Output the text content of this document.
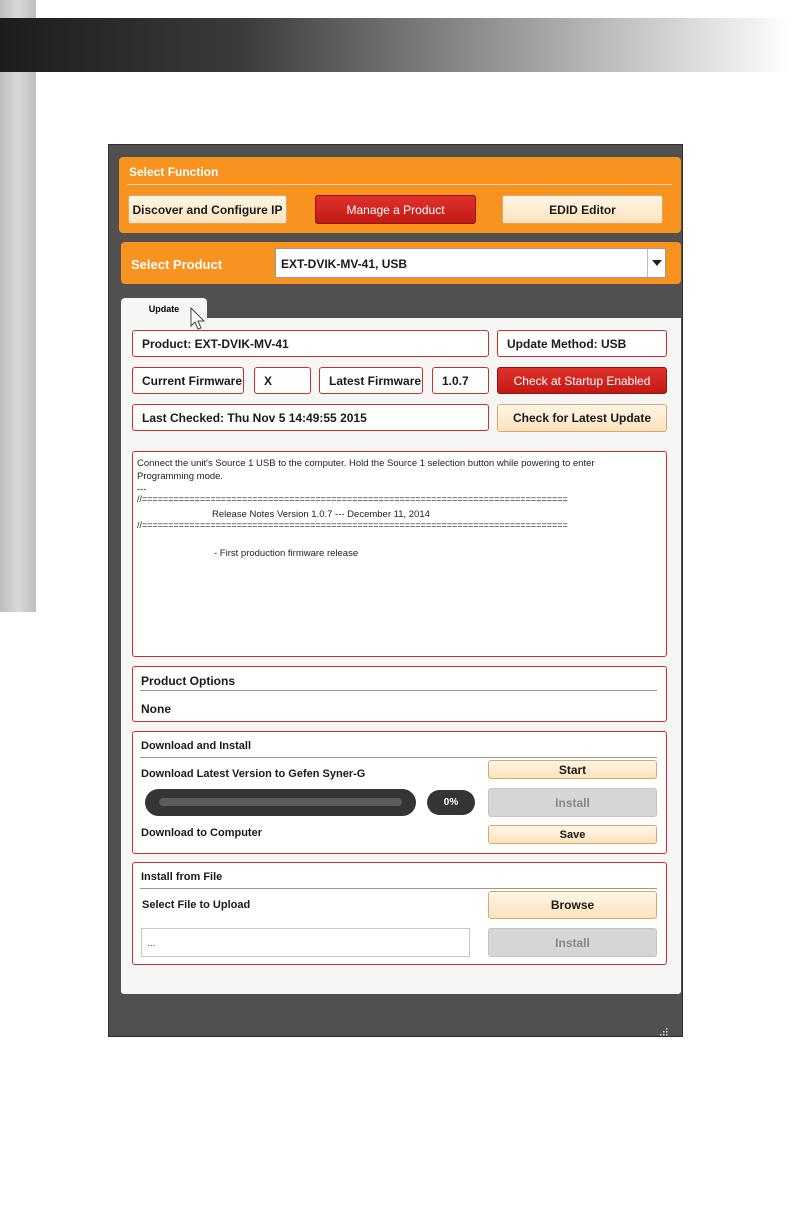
Select Function
Discover and Configure IP	Manage a Product	EDID Editor
Select Product	EXT-DVIK-MV-41, USB
Update
Product: EXT-DVIK-MV-41	Update Method: USB
Current Firmware	X	Latest Firmware	1.0.7	Check at Startup Enabled
Last Checked: Thu Nov 5 14:49:55 2015	Check for Latest Update
Connect the unit's Source 1 USB to the computer. Hold the Source 1 selection button while powering to enter
Programming mode.
---
//=================================================================================
Release Notes Version 1.0.7 --- December 11, 2014
//=================================================================================
- First production firmware release
Product Options
None
Download and Install
Download Latest Version to Gefen Syner-G	Start
0%	Install
Download to Computer	Save
Install from File
Select File to Upload	Browse
...	Install
